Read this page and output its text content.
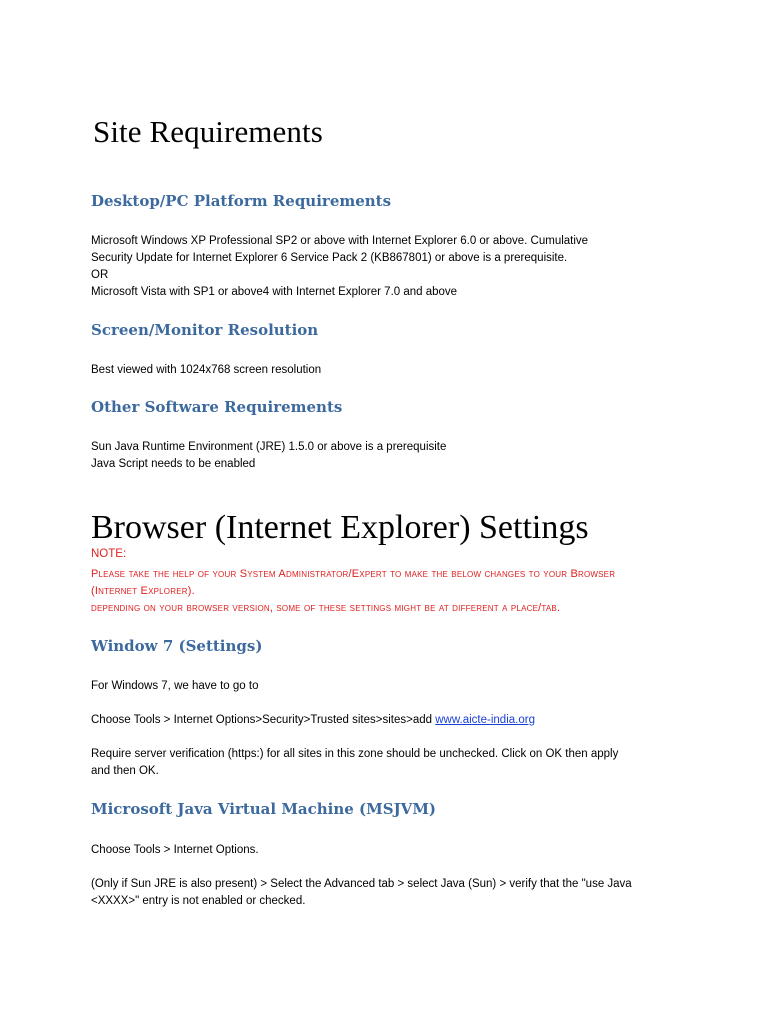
Site Requirements
Desktop/PC Platform Requirements
Microsoft Windows XP Professional SP2 or above with Internet Explorer 6.0 or above. Cumulative
Security Update for Internet Explorer 6 Service Pack 2 (KB867801) or above is a prerequisite.
OR
Microsoft Vista with SP1 or above4 with Internet Explorer 7.0 and above
Screen/Monitor Resolution
Best viewed with 1024x768 screen resolution
Other Software Requirements
Sun Java Runtime Environment (JRE) 1.5.0 or above is a prerequisite
Java Script needs to be enabled
Browser (Internet Explorer) Settings
NOTE:
Please take the help of your System Administrator/Expert to make the below changes to your Browser
(Internet Explorer).
depending on your browser version, some of these settings might be at different a place/tab.
Window 7 (Settings)
For Windows 7, we have to go to
Choose Tools > Internet Options>Security>Trusted sites>sites>add www.aicte-india.org
Require server verification (https:) for all sites in this zone should be unchecked. Click on OK then apply
and then OK.
Microsoft Java Virtual Machine (MSJVM)
Choose Tools > Internet Options.
(Only if Sun JRE is also present) > Select the Advanced tab > select Java (Sun) > verify that the "use Java
<XXXX>" entry is not enabled or checked.
